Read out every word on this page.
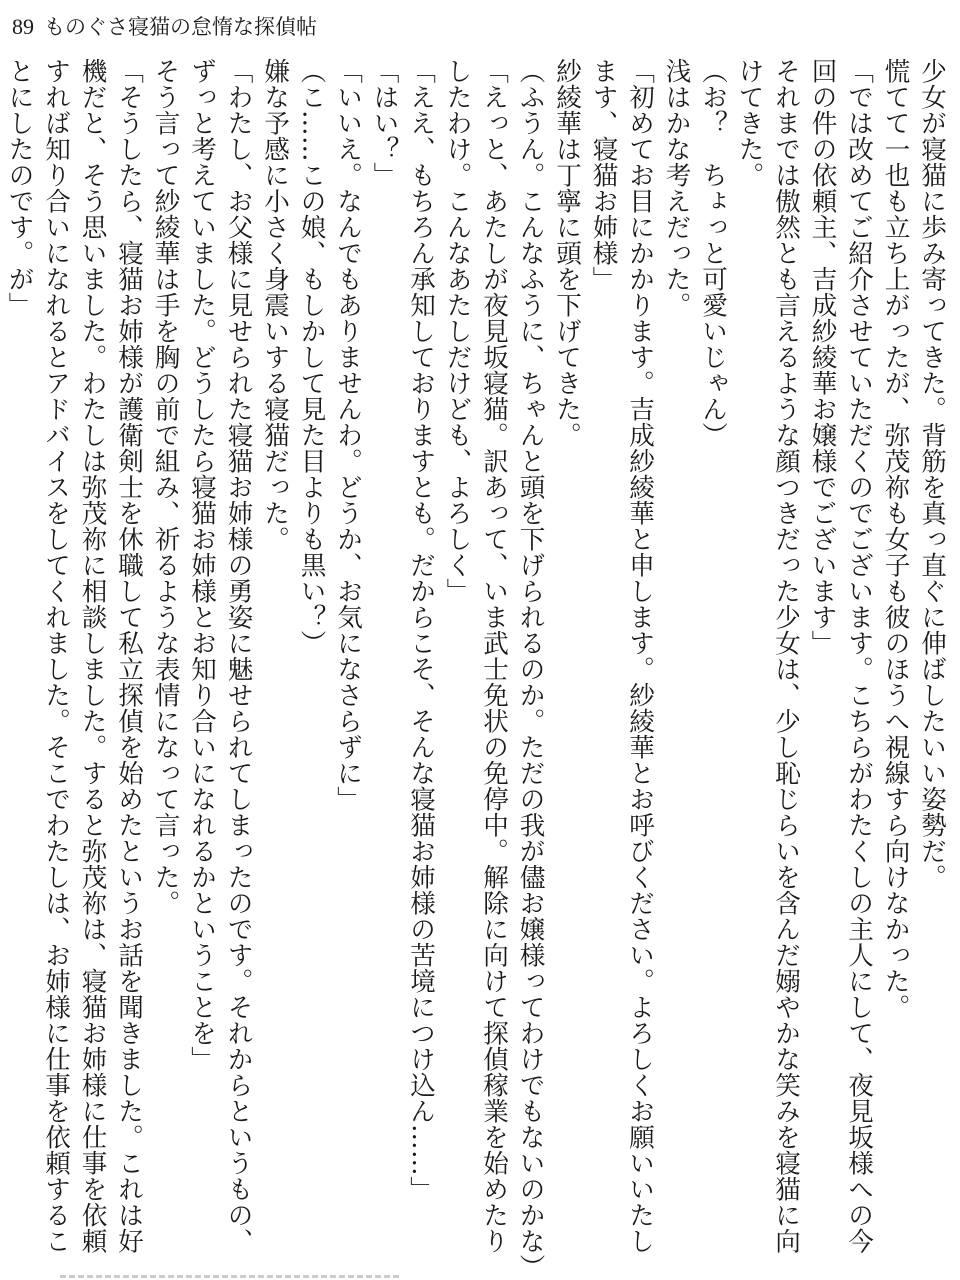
89 ものぐさ寝猫の怠惰な探偵帖

少女が寝猫に歩み寄ってきた。背筋を真っ直ぐに伸ばしたいい姿勢だ。

慌てて一也も立ち上がったが、弥茂祢も女子も彼のほうへ視線すら向けなかった。

「では改めてご紹介させていただくのでございます。こちらがわたくしの主人にして、夜見坂様への今回の件の依頼主、吉成紗綾華お嬢様でございます」

それまでは傲然とも言えるような顔つきだった少女は、少し恥じらいを含んだ嫋やかな笑みを寝猫に向けてきた。

（お？　ちょっと可愛いじゃん）

浅はかな考えだった。

「初めてお目にかかります。吉成紗綾華と申します。紗綾華とお呼びください。よろしくお願いいたします、寝猫お姉様」

紗綾華は丁寧に頭を下げてきた。

（ふうん。こんなふうに、ちゃんと頭を下げられるのか。ただの我が儘お嬢様ってわけでもないのかな）

「えっと、あたしが夜見坂寝猫。訳あって、いま武士免状の免停中。解除に向けて探偵稼業を始めたりしたわけ。こんなあたしだけども、よろしく」

「ええ、もちろん承知しておりますとも。だからこそ、そんな寝猫お姉様の苦境につけ込ん……」

「はい？」

「いいえ。なんでもありませんわ。どうか、お気になさらずに」

（こ……この娘、もしかして見た目よりも黒い？）

嫌な予感に小さく身震いする寝猫だった。

「わたし、お父様に見せられた寝猫お姉様の勇姿に魅せられてしまったのです。それからというもの、ずっと考えていました。どうしたら寝猫お姉様とお知り合いになれるかということを」

そう言って紗綾華は手を胸の前で組み、祈るような表情になって言った。

「そうしたら、寝猫お姉様が護衛剣士を休職して私立探偵を始めたというお話を聞きました。これは好機だと、そう思いました。わたしは弥茂祢に相談しました。すると弥茂祢は、寝猫お姉様に仕事を依頼すれば知り合いになれるとアドバイスをしてくれました。そこでわたしは、お姉様に仕事を依頼することにしたのです。が」
